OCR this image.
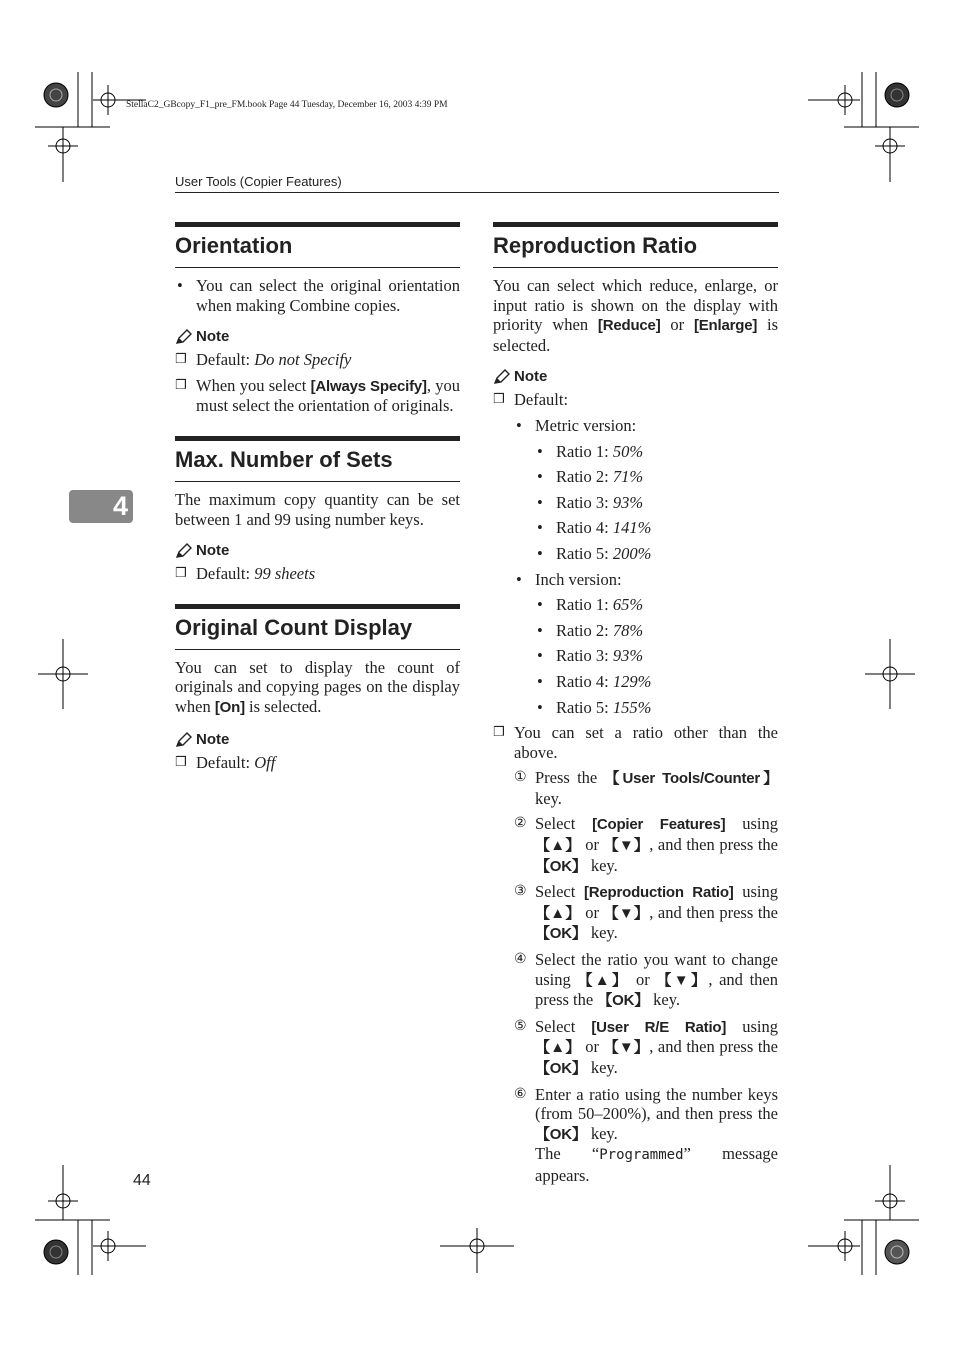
StellaC2_GBcopy_F1_pre_FM.book Page 44 Tuesday, December 16, 2003 4:39 PM
User Tools (Copier Features)
4
44
Orientation
• You can select the original orientation when making Combine copies.
Note
❒ Default: Do not Specify
❒ When you select [Always Specify], you must select the orientation of originals.
Max. Number of Sets

The maximum copy quantity can be set between 1 and 99 using number keys.

Note
❒ Default: 99 sheets
Original Count Display

You can set to display the count of originals and copying pages on the display when [On] is selected.

Note
❒ Default: Off
Reproduction Ratio

You can select which reduce, enlarge, or input ratio is shown on the display with priority when [Reduce] or [Enlarge] is selected.

Note
❒ Default:
• Metric version:
• Ratio 1: 50%
• Ratio 2: 71%
• Ratio 3: 93%
• Ratio 4: 141%
• Ratio 5: 200%
• Inch version:
• Ratio 1: 65%
• Ratio 2: 78%
• Ratio 3: 93%
• Ratio 4: 129%
• Ratio 5: 155%
❒ You can set a ratio other than the above.
① Press the 【User Tools/Counter】 key.
② Select [Copier Features] using 【▲】 or 【▼】, and then press the 【OK】 key.
③ Select [Reproduction Ratio] using 【▲】 or 【▼】, and then press the 【OK】 key.
④ Select the ratio you want to change using 【▲】 or 【▼】, and then press the 【OK】 key.
⑤ Select [User R/E Ratio] using 【▲】 or 【▼】, and then press the 【OK】 key.
⑥ Enter a ratio using the number keys (from 50–200%), and then press the 【OK】 key.
The “Programmed” message appears.
